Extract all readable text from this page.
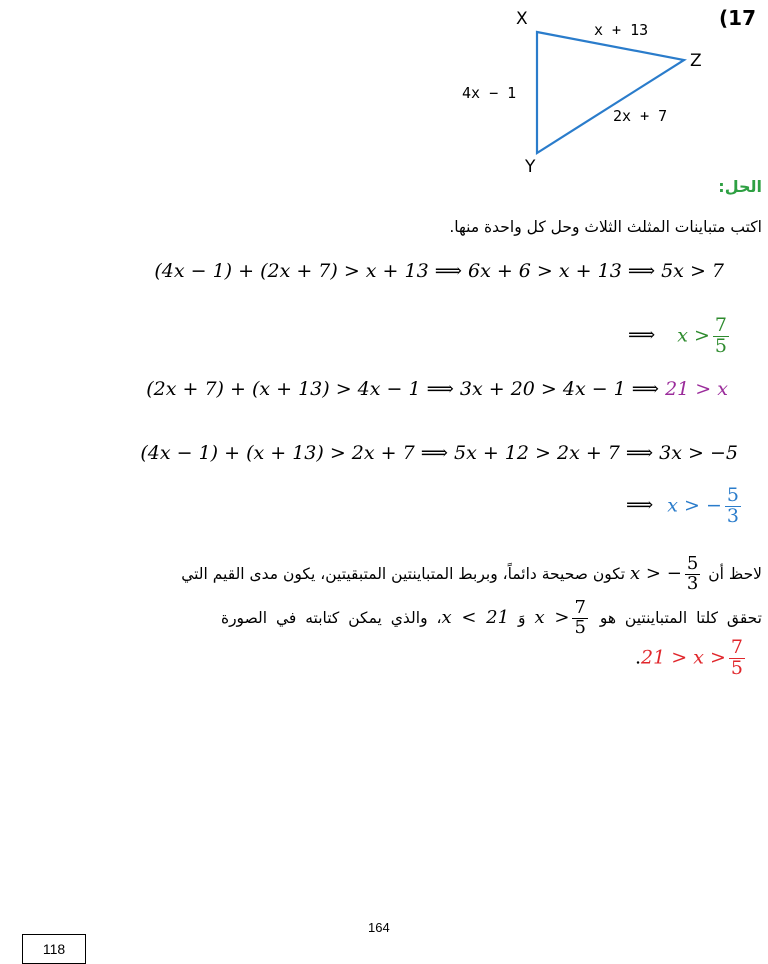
(17
X
Y
Z
x + 13
4x − 1
2x + 7
الحل:
اكتب متباينات المثلث الثلاث وحل كل واحدة منها.
(4x − 1) + (2x + 7) > x + 13 ⟹ 6x + 6 > x + 13 ⟹ 5x > 7
⟹ $x > \frac{7}{5}$
(2x + 7) + (x + 13) > 4x − 1 ⟹ 3x + 20 > 4x − 1 ⟹ 21 > x
(4x − 1) + (x + 13) > 2x + 7 ⟹ 5x + 12 > 2x + 7 ⟹ 3x > −5
⟹ x > − $\frac{5}{3}$
لاحظ أن x > − $\frac{5}{3}$
تكون صحيحة دائماً، وبربط المتباينتين المتبقيتين، يكون مدى القيم التي
تحقق كلتا المتباينتين هو $x > \frac{7}{5}$
وَ x < 21، والذي يمكن كتابته في الصورة
$.21 > x > \frac{7}{5}$
164
118
